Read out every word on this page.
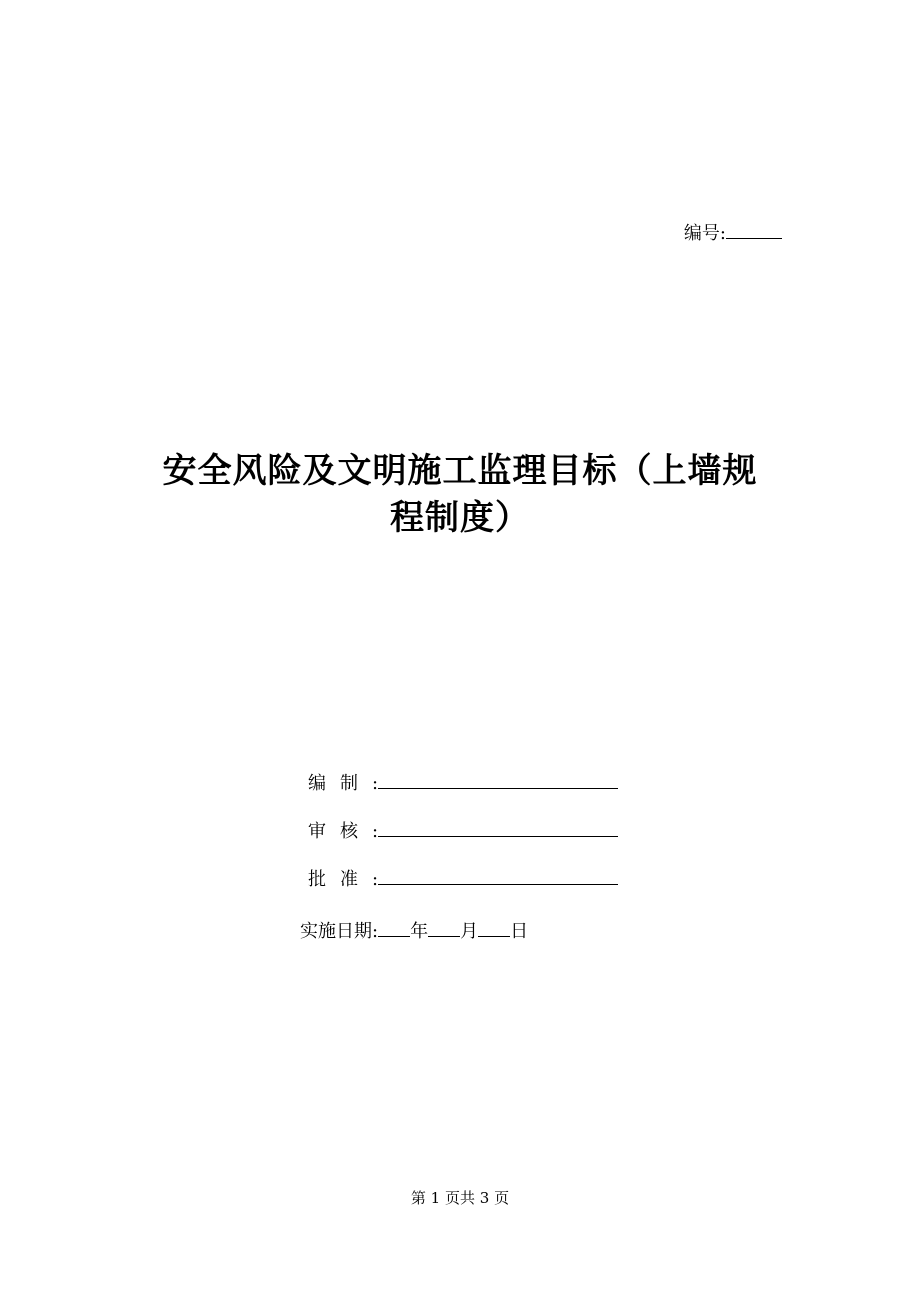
编号:
安全风险及文明施工监理目标（上墙规
程制度）
编 制 :
审 核 :
批 准 :
实施日期: 年 月 日
第 1 页共 3 页
